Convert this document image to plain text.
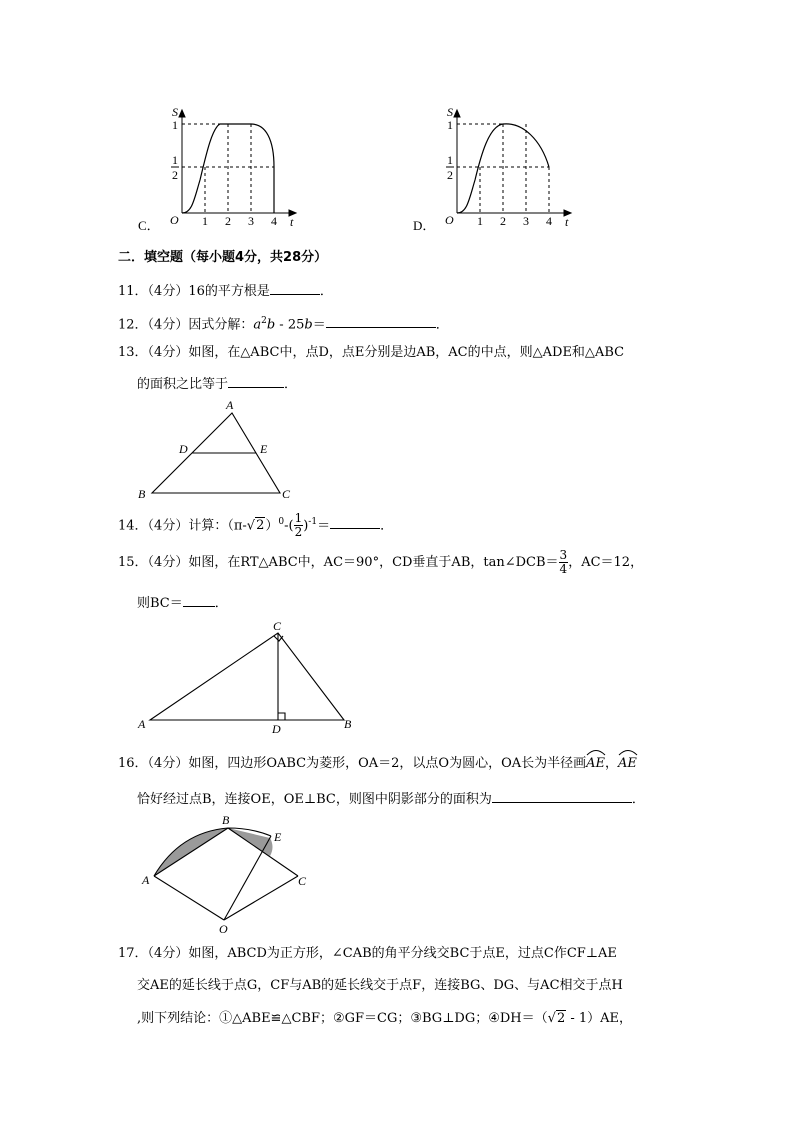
S
t
O
1
1
2
1 2 3 4
C．
S
t
O
1
1
2
1 2 3 4
D．
二．填空题（每小题4分，共28分）
11．（4分）16的平方根是	．
12．（4分）因式分解：$a^2b - 25b=$	．
13．（4分）如图，在△ABC中，点D，点E分别是边AB，AC的中点，则△ADE和△ABC
的面积之比等于	．
A
B	C
D	E
14．（4分）计算：$(\pi-√2)^0-( \frac{1}{2} )^{-1}=$	．
15．（4分）如图，在RT△ABC中，AC＝90°，CD垂直于AB，tan∠DCB＝ $\frac{3}{4}$ ，AC＝12，
则BC＝ ．
A	B
C
D
16．（4分）如图，四边形OABC为菱形，OA＝2，以点O为圆心，OA长为半径画
AE，
AE
恰好经过点B，连接OE，OE⊥BC，则图中阴影部分的面积为	．
A
B
C
E
O
17．（4分）如图，ABCD为正方形，∠CAB的角平分线交BC于点E，过点C作CF⊥AE
交AE的延长线于点G，CF与AB的延长线交于点F，连接BG、DG、与AC相交于点H
,则下列结论：①△ABE≌△CBF；②GF＝CG；③BG⊥DG；④DH＝（√2 - 1）AE，
